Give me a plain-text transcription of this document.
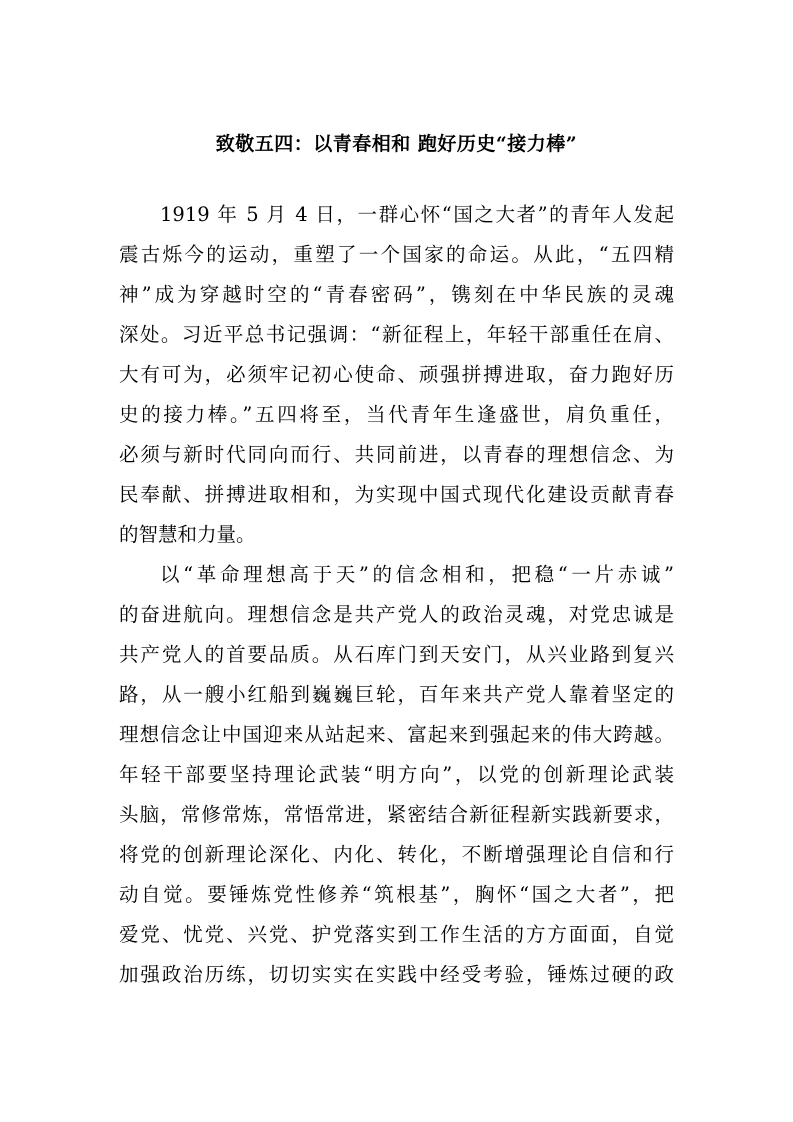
致敬五四：以青春相和 跑好历史“接力棒”
1919 年 5 月 4 日，一群心怀“国之大者”的青年人发起
震古烁今的运动，重塑了一个国家的命运。从此，“五四精
神”成为穿越时空的“青春密码”，镌刻在中华民族的灵魂
深处。习近平总书记强调：“新征程上，年轻干部重任在肩、
大有可为，必须牢记初心使命、顽强拼搏进取，奋力跑好历
史的接力棒。”五四将至，当代青年生逢盛世，肩负重任，
必须与新时代同向而行、共同前进，以青春的理想信念、为
民奉献、拼搏进取相和，为实现中国式现代化建设贡献青春
的智慧和力量。
以“革命理想高于天”的信念相和，把稳“一片赤诚”
的奋进航向。理想信念是共产党人的政治灵魂，对党忠诚是
共产党人的首要品质。从石库门到天安门，从兴业路到复兴
路，从一艘小红船到巍巍巨轮，百年来共产党人靠着坚定的
理想信念让中国迎来从站起来、富起来到强起来的伟大跨越。
年轻干部要坚持理论武装“明方向”，以党的创新理论武装
头脑，常修常炼，常悟常进，紧密结合新征程新实践新要求，
将党的创新理论深化、内化、转化，不断增强理论自信和行
动自觉。要锤炼党性修养“筑根基”，胸怀“国之大者”，把
爱党、忧党、兴党、护党落实到工作生活的方方面面，自觉
加强政治历练，切切实实在实践中经受考验，锤炼过硬的政
